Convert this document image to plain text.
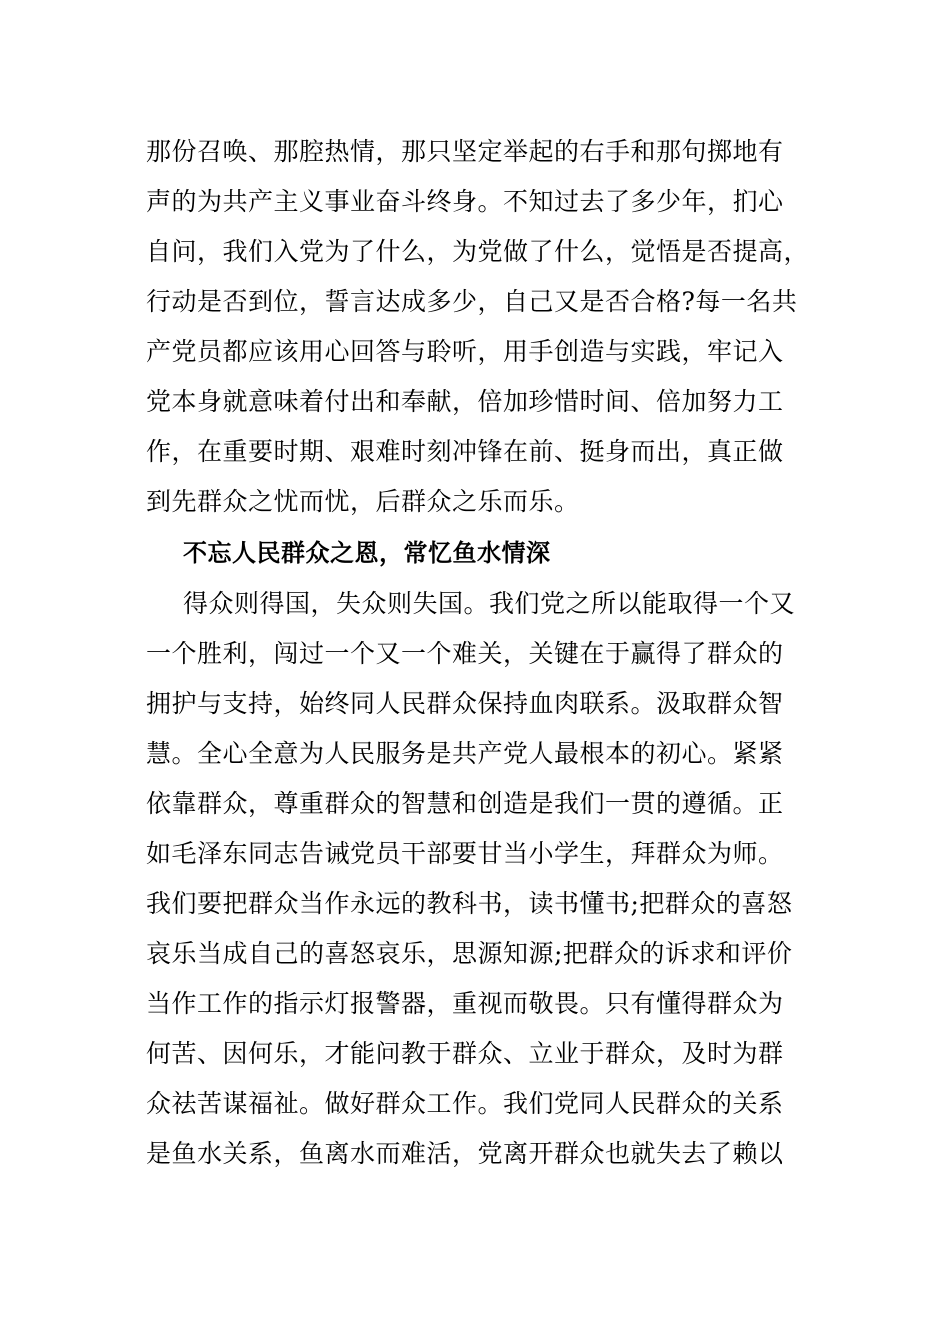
那份召唤、那腔热情，那只坚定举起的右手和那句掷地有
声的为共产主义事业奋斗终身。不知过去了多少年，扪心
自问，我们入党为了什么，为党做了什么，觉悟是否提高，
行动是否到位，誓言达成多少，自己又是否合格?每一名共
产党员都应该用心回答与聆听，用手创造与实践，牢记入
党本身就意味着付出和奉献，倍加珍惜时间、倍加努力工
作，在重要时期、艰难时刻冲锋在前、挺身而出，真正做
到先群众之忧而忧，后群众之乐而乐。
不忘人民群众之恩，常忆鱼水情深
得众则得国，失众则失国。我们党之所以能取得一个又
一个胜利，闯过一个又一个难关，关键在于赢得了群众的
拥护与支持，始终同人民群众保持血肉联系。汲取群众智
慧。全心全意为人民服务是共产党人最根本的初心。紧紧
依靠群众，尊重群众的智慧和创造是我们一贯的遵循。正
如毛泽东同志告诫党员干部要甘当小学生，拜群众为师。
我们要把群众当作永远的教科书，读书懂书;把群众的喜怒
哀乐当成自己的喜怒哀乐，思源知源;把群众的诉求和评价
当作工作的指示灯报警器，重视而敬畏。只有懂得群众为
何苦、因何乐，才能问教于群众、立业于群众，及时为群
众祛苦谋福祉。做好群众工作。我们党同人民群众的关系
是鱼水关系，鱼离水而难活，党离开群众也就失去了赖以
